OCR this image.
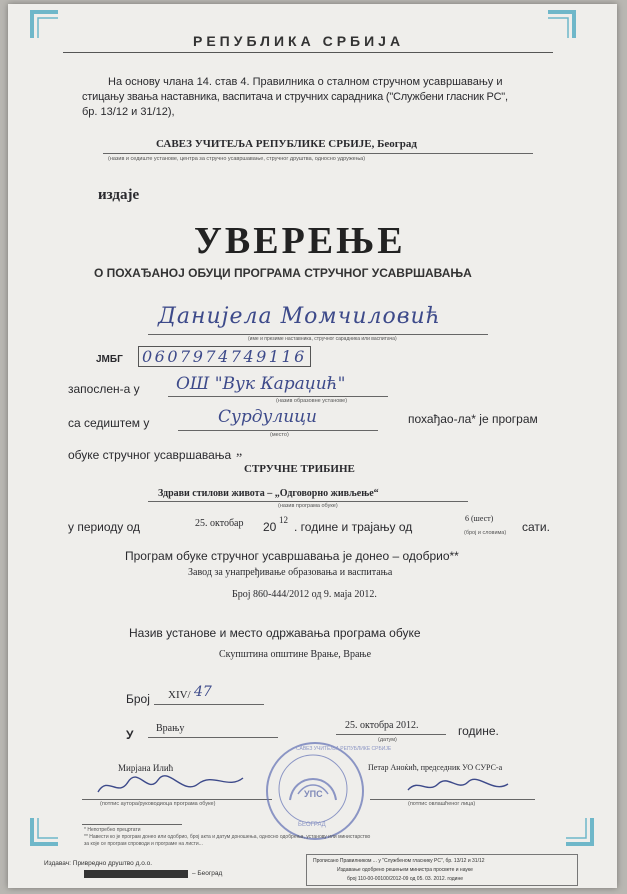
РЕПУБЛИКА СРБИЈА
На основу члана 14. став 4. Правилника о сталном стручном усавршавању и
стицању звања наставника, васпитача и стручних сарадника ("Службени гласник РС",
бр. 13/12 и 31/12),
САВЕЗ УЧИТЕЉА РЕПУБЛИКЕ СРБИЈЕ, Београд
(назив и седиште установе, центра за стручно усавршавање, стручног друштва, односно удружења)
издаје
УВЕРЕЊЕ
О ПОХАЂАНОЈ ОБУЦИ ПРОГРАМА СТРУЧНОГ УСАВРШАВАЊА
Данијела Момчиловић
(име и презиме наставника, стручног сарадника или васпитача)
ЈМБГ 0607974749116
запослен-а у ОШ "Вук Караџић"
(назив образовне установе)
са седиштем у	Сурдулици
(место)
похађао-ла* је програм
обуке стручног усавршавања „
СТРУЧНЕ ТРИБИНЕ
Здрави стилови живота – „Одговорно живљење“
(назив програма обуке)
у периоду од	25. октобар 20 12 . године и трајању од
6 (шест)
(број и словима) сати.
Програм обуке стручног усавршавања је донео – одобрио**
Завод за унапређивање образовања и васпитања
Број 860-444/2012 од 9. маја 2012.
Назив установе и место одржавања програма обуке
Скупштина општине Врање, Врање
Број XIV/ 47
У Врању	25. октобра 2012.
(датум)
године.
Мирјана Илић
(потпис аутора/руководиоца програма обуке)
Петар Аноќић, председник УО СУРС-а
(потпис овлашћеног лица)
САВЕЗ УЧИТЕЉА РЕПУБЛИКЕ СРБИЈЕ
УПС
БЕОГРАД
* Непотребно прецртати
** Навести ко је програм донео или одобрио, број акта и датум доношења, односно одобрења, установу или министарство
за које се програм спроводи и програме на листи...
Издавач: Привредно друштво д.о.о.
– Београд
Прописано Правилником ... у "Службеном гласнику РС", бр. 13/12 и 31/12
Издавање одобрено решењем министра просвете и науке
број 110-00-00100/2012-09 од 05. 03. 2012. године
